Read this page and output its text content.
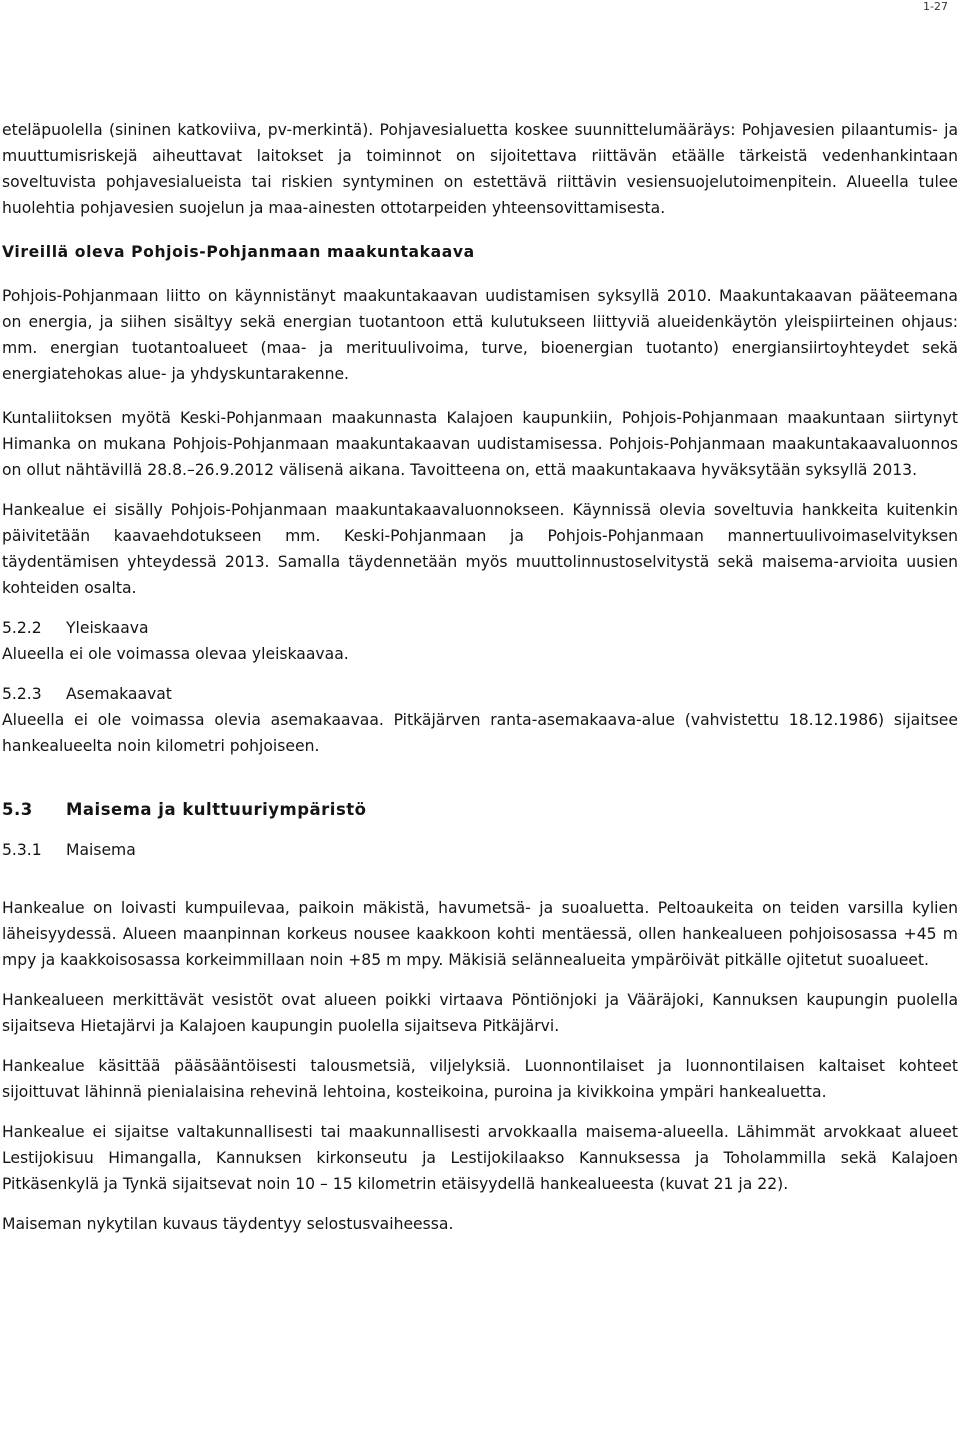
1-27

eteläpuolella (sininen katkoviiva, pv-merkintä). Pohjavesialuetta koskee suunnittelumääräys: Pohjavesien pilaantumis- ja muuttumisriskejä aiheuttavat laitokset ja toiminnot on sijoitettava riittävän etäälle tärkeistä vedenhankintaan soveltuvista pohjavesialueista tai riskien syntyminen on estettävä riittävin vesiensuojelutoimenpitein. Alueella tulee huolehtia pohjavesien suojelun ja maa-ainesten ottotarpeiden yhteensovittamisesta.

Vireillä oleva Pohjois-Pohjanmaan maakuntakaava

Pohjois-Pohjanmaan liitto on käynnistänyt maakuntakaavan uudistamisen syksyllä 2010. Maakuntakaavan pääteemana on energia, ja siihen sisältyy sekä energian tuotantoon että kulutukseen liittyviä alueidenkäytön yleispiirteinen ohjaus: mm. energian tuotantoalueet (maa- ja merituulivoima, turve, bioenergian tuotanto) energiansiirtoyhteydet sekä energiatehokas alue- ja yhdyskuntarakenne.

Kuntaliitoksen myötä Keski-Pohjanmaan maakunnasta Kalajoen kaupunkiin, Pohjois-Pohjanmaan maakuntaan siirtynyt Himanka on mukana Pohjois-Pohjanmaan maakuntakaavan uudistamisessa. Pohjois-Pohjanmaan maakuntakaavaluonnos on ollut nähtävillä 28.8.–26.9.2012 välisenä aikana. Tavoitteena on, että maakuntakaava hyväksytään syksyllä 2013.

Hankealue ei sisälly Pohjois-Pohjanmaan maakuntakaavaluonnokseen. Käynnissä olevia soveltuvia hankkeita kuitenkin päivitetään kaavaehdotukseen mm. Keski-Pohjanmaan ja Pohjois-Pohjanmaan mannertuulivoimaselvityksen täydentämisen yhteydessä 2013. Samalla täydennetään myös muuttolinnustoselvitystä sekä maisema-arvioita uusien kohteiden osalta.

5.2.2 Yleiskaava

Alueella ei ole voimassa olevaa yleiskaavaa.

5.2.3 Asemakaavat

Alueella ei ole voimassa olevia asemakaavaa. Pitkäjärven ranta-asemakaava-alue (vahvistettu 18.12.1986) sijaitsee hankealueelta noin kilometri pohjoiseen.

5.3 Maisema ja kulttuuriympäristö

5.3.1 Maisema

Hankealue on loivasti kumpuilevaa, paikoin mäkistä, havumetsä- ja suoaluetta. Peltoaukeita on teiden varsilla kylien läheisyydessä. Alueen maanpinnan korkeus nousee kaakkoon kohti mentäessä, ollen hankealueen pohjoisosassa +45 m mpy ja kaakkoisosassa korkeimmillaan noin +85 m mpy. Mäkisiä selännealueita ympäröivät pitkälle ojitetut suoalueet.

Hankealueen merkittävät vesistöt ovat alueen poikki virtaava Pöntiönjoki ja Vääräjoki, Kannuksen kaupungin puolella sijaitseva Hietajärvi ja Kalajoen kaupungin puolella sijaitseva Pitkäjärvi.

Hankealue käsittää pääsääntöisesti talousmetsiä, viljelyksiä. Luonnontilaiset ja luonnontilaisen kaltaiset kohteet sijoittuvat lähinnä pienialaisina rehevinä lehtoina, kosteikoina, puroina ja kivikkoina ympäri hankealuetta.

Hankealue ei sijaitse valtakunnallisesti tai maakunnallisesti arvokkaalla maisema-alueella. Lähimmät arvokkaat alueet Lestijokisuu Himangalla, Kannuksen kirkonseutu ja Lestijokilaakso Kannuksessa ja Toholammilla sekä Kalajoen Pitkäsenkylä ja Tynkä sijaitsevat noin 10 – 15 kilometrin etäisyydellä hankealueesta (kuvat 21 ja 22).

Maiseman nykytilan kuvaus täydentyy selostusvaiheessa.
